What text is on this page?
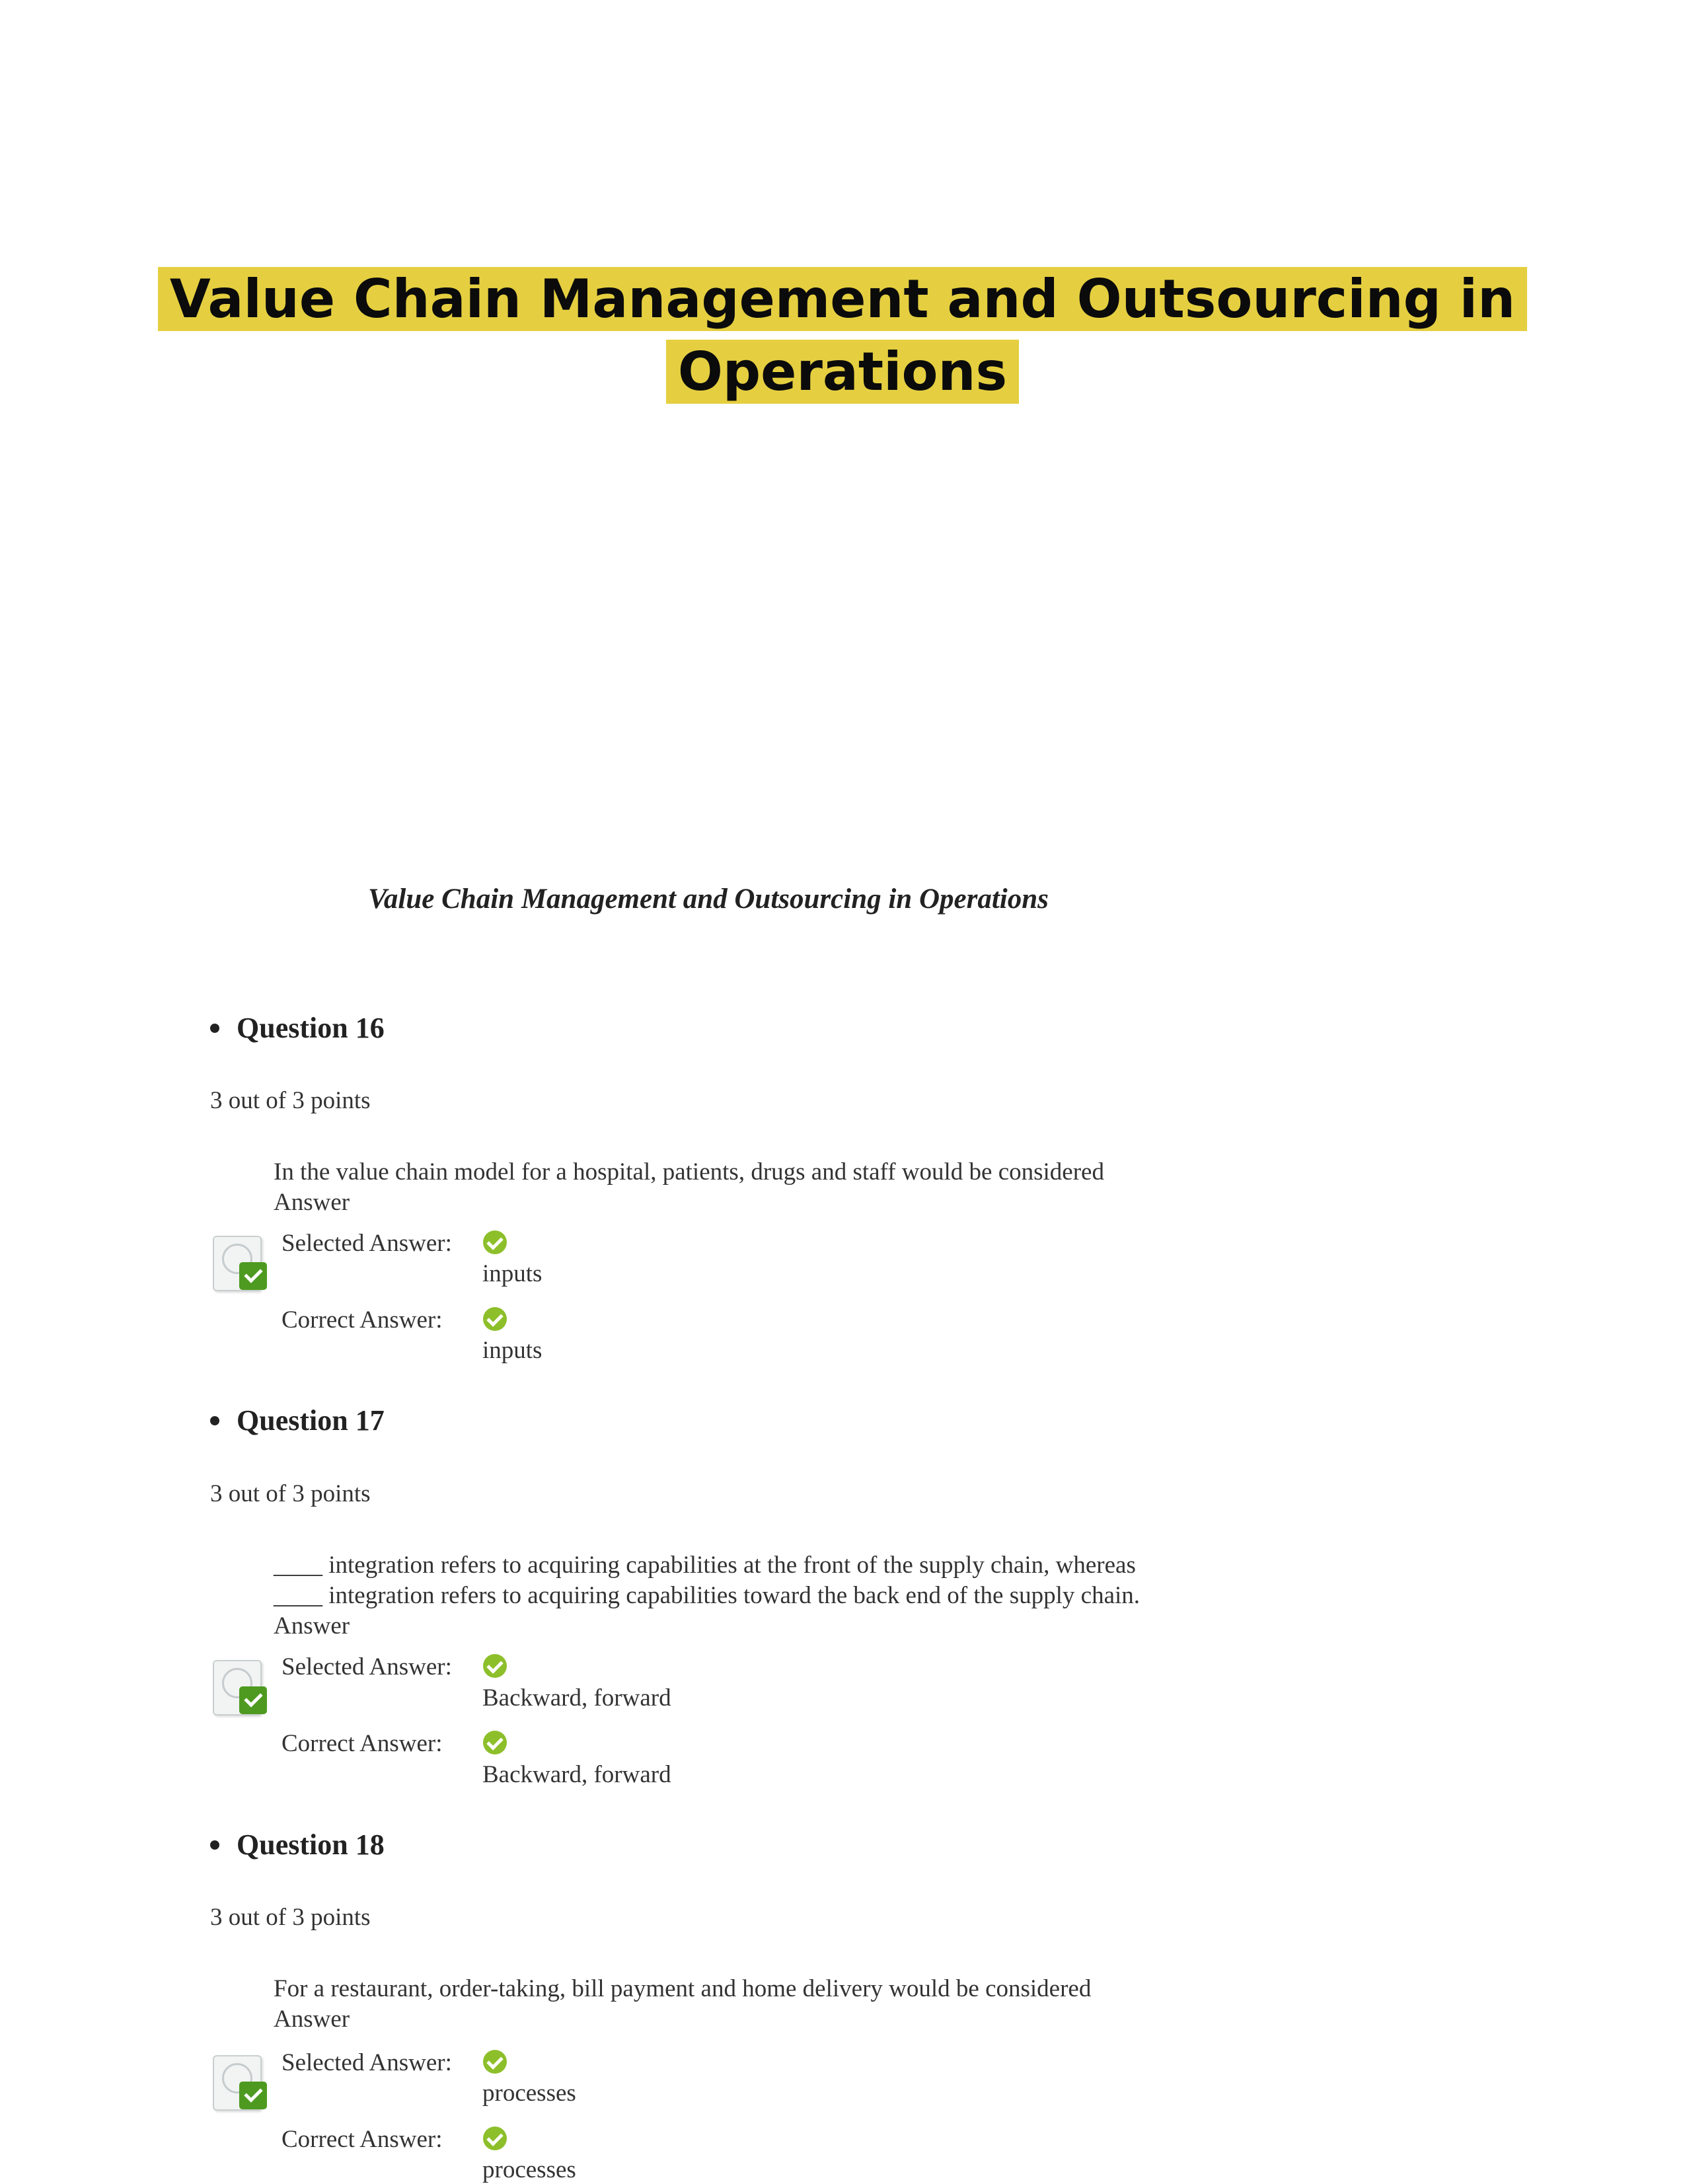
Value Chain Management and Outsourcing in Operations
Value Chain Management and Outsourcing in Operations
Question 16
3 out of 3 points
In the value chain model for a hospital, patients, drugs and staff would be considered
Answer
Selected Answer:
inputs
Correct Answer:
inputs
Question 17
3 out of 3 points
____ integration refers to acquiring capabilities at the front of the supply chain, whereas
____ integration refers to acquiring capabilities toward the back end of the supply chain.
Answer
Selected Answer:
Backward, forward
Correct Answer:
Backward, forward
Question 18
3 out of 3 points
For a restaurant, order-taking, bill payment and home delivery would be considered
Answer
Selected Answer:
processes
Correct Answer:
processes
